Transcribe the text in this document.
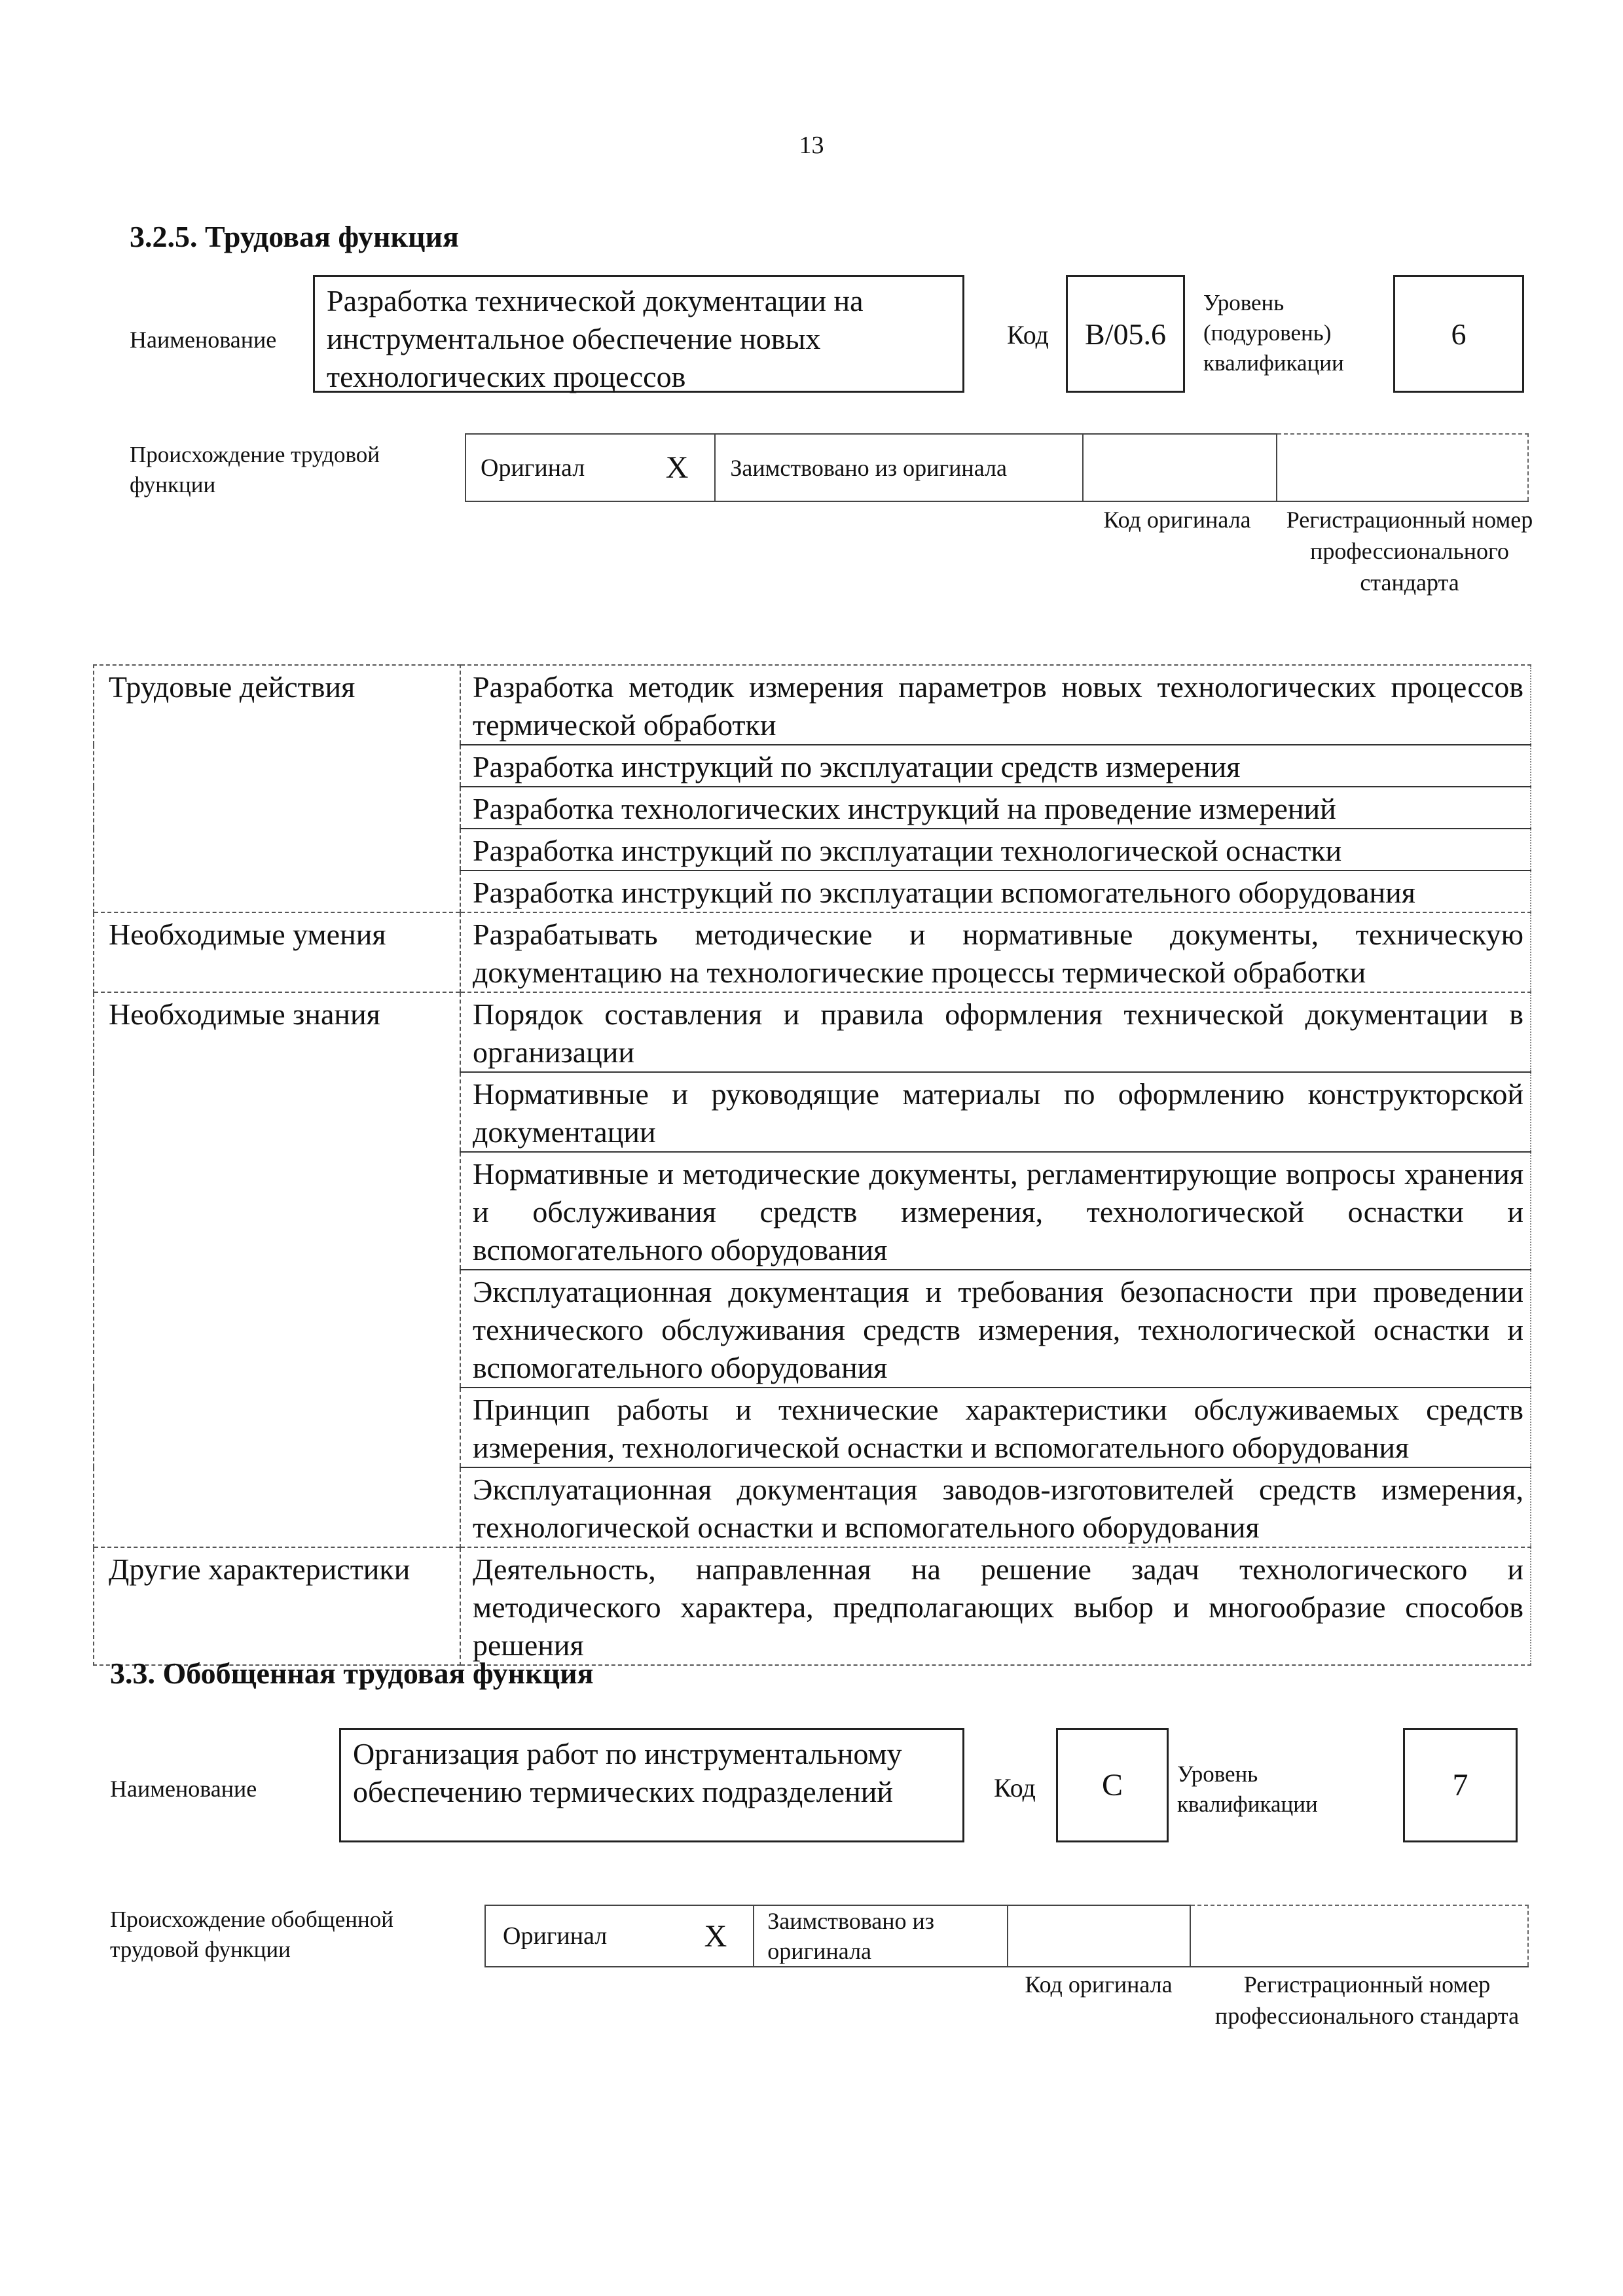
13
3.2.5. Трудовая функция
Наименование
Разработка технической документации на инструментальное обеспечение новых технологических процессов
Код	B/05.6
Уровень (подуровень) квалификации
6
Происхождение трудовой функции
Оригинал	X	Заимствовано из оригинала		
Код оригинала	Регистрационный номер профессионального стандарта
Трудовые действия	Разработка методик измерения параметров новых технологических процессов термической обработки
	Разработка инструкций по эксплуатации средств измерения
	Разработка технологических инструкций на проведение измерений
	Разработка инструкций по эксплуатации технологической оснастки
	Разработка инструкций по эксплуатации вспомогательного оборудования
Необходимые умения	Разрабатывать методические и нормативные документы, техническую документацию на технологические процессы термической обработки
Необходимые знания	Порядок составления и правила оформления технической документации в организации
	Нормативные и руководящие материалы по оформлению конструкторской документации
	Нормативные и методические документы, регламентирующие вопросы хранения и обслуживания средств измерения, технологической оснастки и вспомогательного оборудования
	Эксплуатационная документация и требования безопасности при проведении технического обслуживания средств измерения, технологической оснастки и вспомогательного оборудования
	Принцип работы и технические характеристики обслуживаемых средств измерения, технологической оснастки и вспомогательного оборудования
	Эксплуатационная документация заводов-изготовителей средств измерения, технологической оснастки и вспомогательного оборудования
Другие характеристики	Деятельность, направленная на решение задач технологического и методического характера, предполагающих выбор и многообразие способов решения
3.3. Обобщенная трудовая функция
Наименование
Организация работ по инструментальному обеспечению термических подразделений	Код	C	Уровень квалификации
7
Происхождение обобщенной трудовой функции	Оригинал	X	Заимствовано из оригинала		
Код оригинала	Регистрационный номер профессионального стандарта
